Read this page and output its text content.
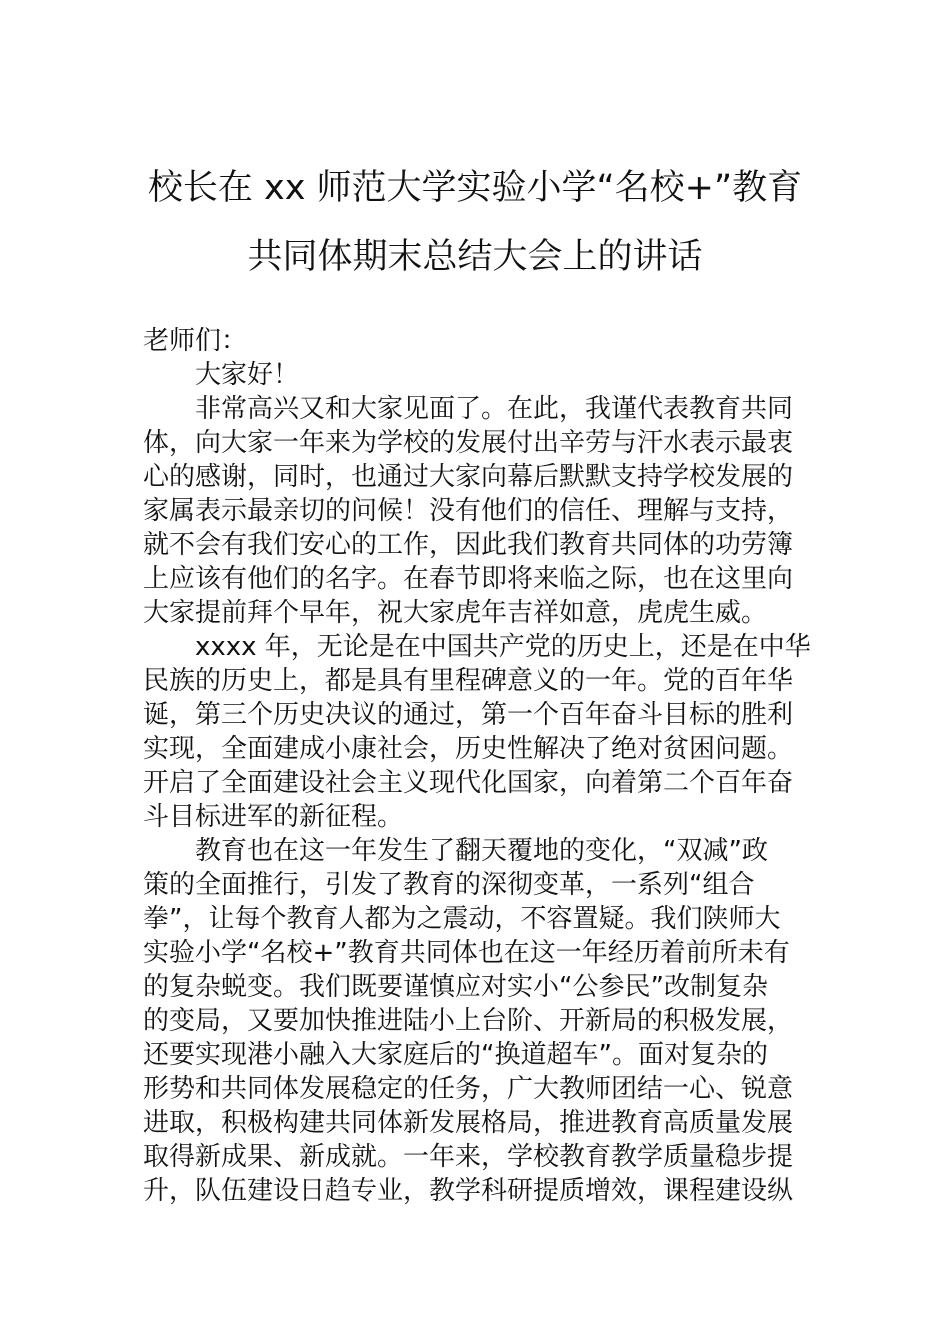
校长在 xx 师范大学实验小学“名校+”教育
共同体期末总结大会上的讲话
老师们：
大家好！
非常高兴又和大家见面了。在此，我谨代表教育共同
体，向大家一年来为学校的发展付出辛劳与汗水表示最衷
心的感谢，同时，也通过大家向幕后默默支持学校发展的
家属表示最亲切的问候！没有他们的信任、理解与支持，
就不会有我们安心的工作，因此我们教育共同体的功劳簿
上应该有他们的名字。在春节即将来临之际，也在这里向
大家提前拜个早年，祝大家虎年吉祥如意，虎虎生威。
xxxx 年，无论是在中国共产党的历史上，还是在中华
民族的历史上，都是具有里程碑意义的一年。党的百年华
诞，第三个历史决议的通过，第一个百年奋斗目标的胜利
实现，全面建成小康社会，历史性解决了绝对贫困问题。
开启了全面建设社会主义现代化国家，向着第二个百年奋
斗目标进军的新征程。
教育也在这一年发生了翻天覆地的变化，“双减”政
策的全面推行，引发了教育的深彻变革，一系列“组合
拳”，让每个教育人都为之震动，不容置疑。我们陕师大
实验小学“名校+”教育共同体也在这一年经历着前所未有
的复杂蜕变。我们既要谨慎应对实小“公参民”改制复杂
的变局，又要加快推进陆小上台阶、开新局的积极发展，
还要实现港小融入大家庭后的“换道超车”。面对复杂的
形势和共同体发展稳定的任务，广大教师团结一心、锐意
进取，积极构建共同体新发展格局，推进教育高质量发展
取得新成果、新成就。一年来，学校教育教学质量稳步提
升，队伍建设日趋专业，教学科研提质增效，课程建设纵
